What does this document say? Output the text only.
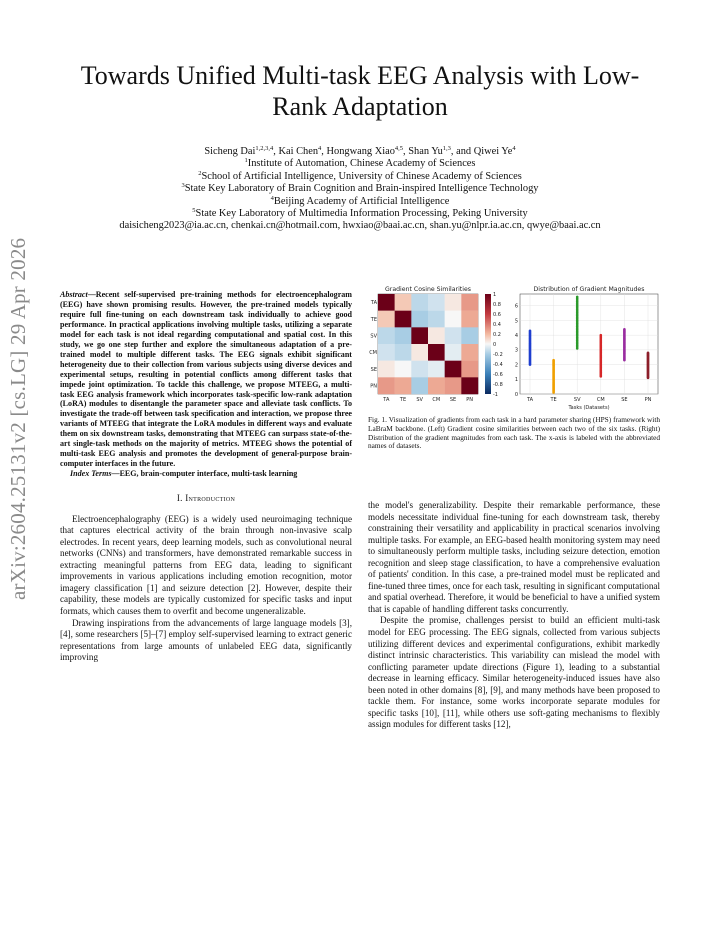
arXiv:2604.25131v2 [cs.LG] 29 Apr 2026
Towards Unified Multi-task EEG Analysis with Low-Rank Adaptation
Sicheng Dai$^{1,2,3,4}$, Kai Chen$^4$, Hongwang Xiao$^{4,5}$, Shan Yu$^{1,3}$, and Qiwei Ye$^4$
$^1$Institute of Automation, Chinese Academy of Sciences
$^2$School of Artificial Intelligence, University of Chinese Academy of Sciences
$^3$State Key Laboratory of Brain Cognition and Brain-inspired Intelligence Technology
$^4$Beijing Academy of Artificial Intelligence
$^5$State Key Laboratory of Multimedia Information Processing, Peking University
daisicheng2023@ia.ac.cn, chenkai.cn@hotmail.com, hwxiao@baai.ac.cn, shan.yu@nlpr.ia.ac.cn, qwye@baai.ac.cn

Abstract—Recent self-supervised pre-training methods for electroencephalogram (EEG) have shown promising results. However, the pre-trained models typically require full fine-tuning on each downstream task individually to achieve good performance. In practical applications involving multiple tasks, utilizing a separate model for each task is not ideal regarding computational and spatial cost. In this study, we go one step further and explore the simultaneous adaptation of a pre-trained model to multiple different tasks. The EEG signals exhibit significant heterogeneity due to their collection from various subjects using diverse devices and experimental setups, resulting in potential conflicts among different tasks that impede joint optimization. To tackle this challenge, we propose MTEEG, a multi-task EEG analysis framework which incorporates task-specific low-rank adaptation (LoRA) modules to disentangle the parameter space and alleviate task conflicts. To investigate the trade-off between task specification and interaction, we propose three variants of MTEEG that integrate the LoRA modules in different ways and evaluate them on six downstream tasks, demonstrating that MTEEG can surpass state-of-the-art single-task methods on the majority of metrics. MTEEG shows the potential of multi-task EEG analysis and promotes the development of general-purpose brain-computer interfaces in the future.

Index Terms—EEG, brain-computer interface, multi-task learning

I. Introduction

Electroencephalography (EEG) is a widely used neuroimaging technique that captures electrical activity of the brain through non-invasive scalp electrodes. In recent years, deep learning models, such as convolutional neural networks (CNNs) and transformers, have demonstrated remarkable success in extracting meaningful patterns from EEG data, leading to significant improvements in various applications including emotion recognition, motor imagery classification [1] and seizure detection [2]. However, despite their capability, these models are typically customized for specific tasks and input formats, which causes them to overfit and become ungeneralizable.

Drawing inspirations from the advancements of large language models [3], [4], some researchers [5]–[7] employ self-supervised learning to extract generic representations from large amounts of unlabeled EEG data, significantly improving

Gradient Cosine Similarities
TA TE SV CM SE PN
TA
TE
SV
CM
SE
PN
1
0.8
0.6
0.4
0.2
0
-0.2
-0.4
-0.6
-0.8
-1
Distribution of Gradient Magnitudes
Tasks (Datasets)
0
1
2
3
4
5
6
TA	TE	SV	CM	SE	PN
Fig. 1. Visualization of gradients from each task in a hard parameter sharing (HPS) framework with LaBraM backbone. (Left) Gradient cosine similarities between each two of the six tasks. (Right) Distribution of the gradient magnitudes from each task. The x-axis is labeled with the abbreviated names of datasets.

the model's generalizability. Despite their remarkable performance, these models necessitate individual fine-tuning for each downstream task, thereby constraining their versatility and applicability in practical scenarios involving multiple tasks. For example, an EEG-based health monitoring system may need to simultaneously perform multiple tasks, including seizure detection, emotion recognition and sleep stage classification, to have a comprehensive evaluation of patients' condition. In this case, a pre-trained model must be replicated and fine-tuned three times, once for each task, resulting in significant computational and spatial overhead. Therefore, it would be beneficial to have a unified system that is capable of handling different tasks concurrently.

Despite the promise, challenges persist to build an efficient multi-task model for EEG processing. The EEG signals, collected from various subjects utilizing different devices and experimental configurations, exhibit markedly distinct intrinsic characteristics. This variability can mislead the model with conflicting parameter update directions (Figure 1), leading to a substantial decrease in learning efficacy. Similar heterogeneity-induced issues have also been noted in other domains [8], [9], and many methods have been proposed to tackle them. For instance, some works incorporate separate modules for specific tasks [10], [11], while others use soft-gating mechanisms to flexibly assign modules for different tasks [12],
